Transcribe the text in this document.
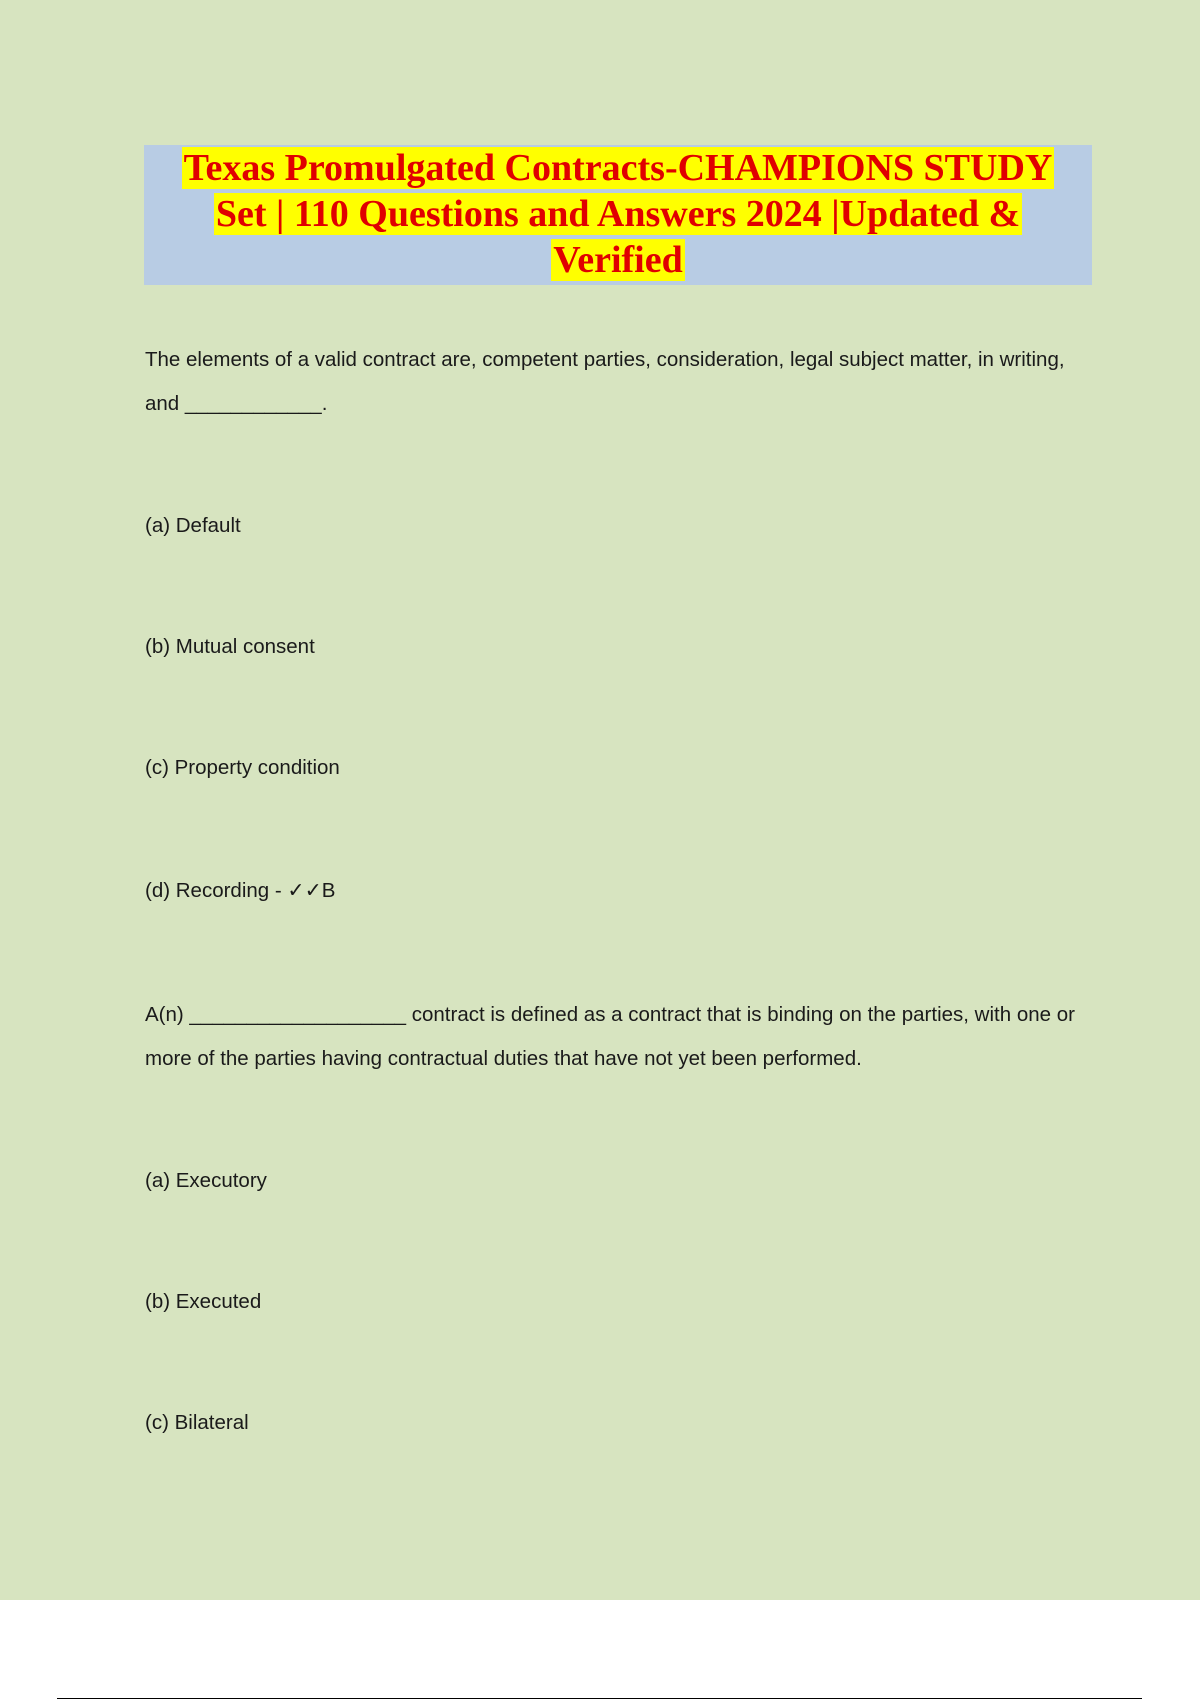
Texas Promulgated Contracts-CHAMPIONS STUDY
Set | 110 Questions and Answers 2024 |Updated &
Verified
The elements of a valid contract are, competent parties, consideration, legal subject matter, in writing, and ____________.
(a) Default
(b) Mutual consent
(c) Property condition
(d) Recording - ✓✓B
A(n) ___________________ contract is defined as a contract that is binding on the parties, with one or more of the parties having contractual duties that have not yet been performed.
(a) Executory
(b) Executed
(c) Bilateral
